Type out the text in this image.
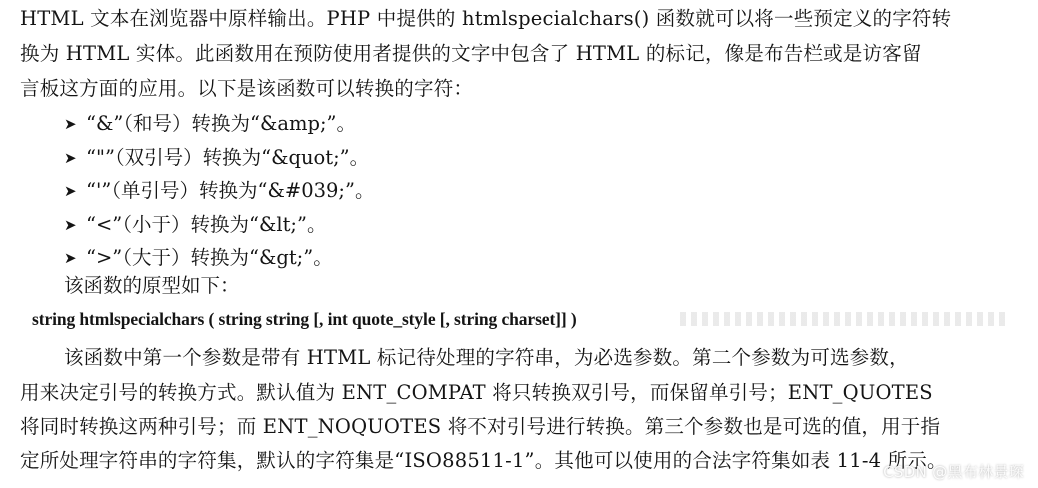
HTML 文本在浏览器中原样输出。PHP 中提供的 htmlspecialchars() 函数就可以将一些预定义的字符转
换为 HTML 实体。此函数用在预防使用者提供的文字中包含了 HTML 的标记，像是布告栏或是访客留
言板这方面的应用。以下是该函数可以转换的字符：
➤ “&”（和号）转换为“&amp;”。
➤ “"”（双引号）转换为“&quot;”。
➤ “'”（单引号）转换为“&#039;”。
➤ “<”（小于）转换为“&lt;”。
➤ “>”（大于）转换为“&gt;”。
该函数的原型如下：
string htmlspecialchars ( string string [, int quote_style [, string charset]] )
该函数中第一个参数是带有 HTML 标记待处理的字符串，为必选参数。第二个参数为可选参数，
用来决定引号的转换方式。默认值为 ENT_COMPAT 将只转换双引号，而保留单引号；ENT_QUOTES
将同时转换这两种引号；而 ENT_NOQUOTES 将不对引号进行转换。第三个参数也是可选的值，用于指
定所处理字符串的字符集，默认的字符集是“ISO88511-1”。其他可以使用的合法字符集如表 11-4 所示。
CSDN @黑布林景琛
